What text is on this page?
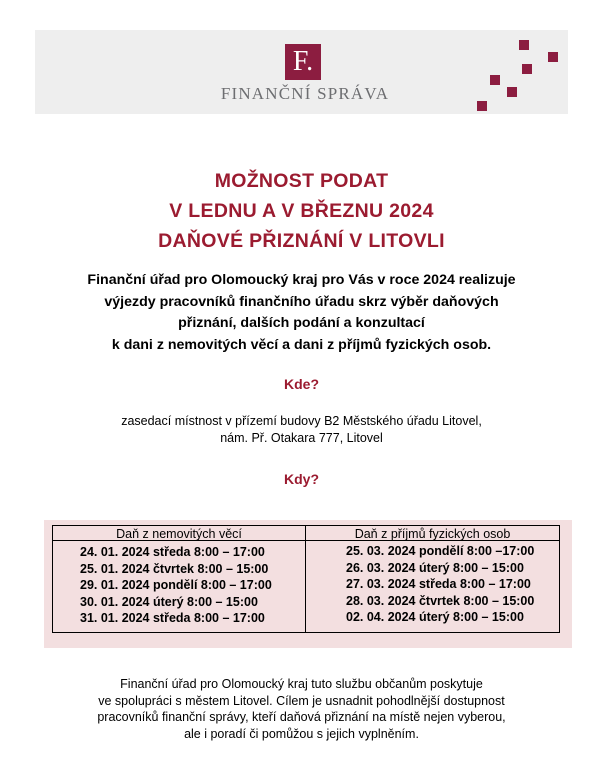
F.
FINANČNÍ SPRÁVA
MOŽNOST PODAT
V LEDNU A V BŘEZNU 2024
DAŇOVÉ PŘIZNÁNÍ V LITOVLI
Finanční úřad pro Olomoucký kraj pro Vás v roce 2024 realizuje
výjezdy pracovníků finančního úřadu skrz výběr daňových
přiznání, dalších podání a konzultací
k dani z nemovitých věcí a dani z příjmů fyzických osob.
Kde?
zasedací místnost v přízemí budovy B2 Městského úřadu Litovel,
nám. Př. Otakara 777, Litovel
Kdy?
Daň z nemovitých věcí	Daň z příjmů fyzických osob
24. 01. 2024 středa 8:00 – 17:00
25. 01. 2024 čtvrtek 8:00 – 15:00
29. 01. 2024 pondělí 8:00 – 17:00
30. 01. 2024 úterý 8:00 – 15:00
31. 01. 2024 středa 8:00 – 17:00
25. 03. 2024 pondělí 8:00 –17:00
26. 03. 2024 úterý 8:00 – 15:00
27. 03. 2024 středa 8:00 – 17:00
28. 03. 2024 čtvrtek 8:00 – 15:00
02. 04. 2024 úterý 8:00 – 15:00
Finanční úřad pro Olomoucký kraj tuto službu občanům poskytuje
ve spolupráci s městem Litovel. Cílem je usnadnit pohodlnější dostupnost
pracovníků finanční správy, kteří daňová přiznání na místě nejen vyberou,
ale i poradí či pomůžou s jejich vyplněním.
